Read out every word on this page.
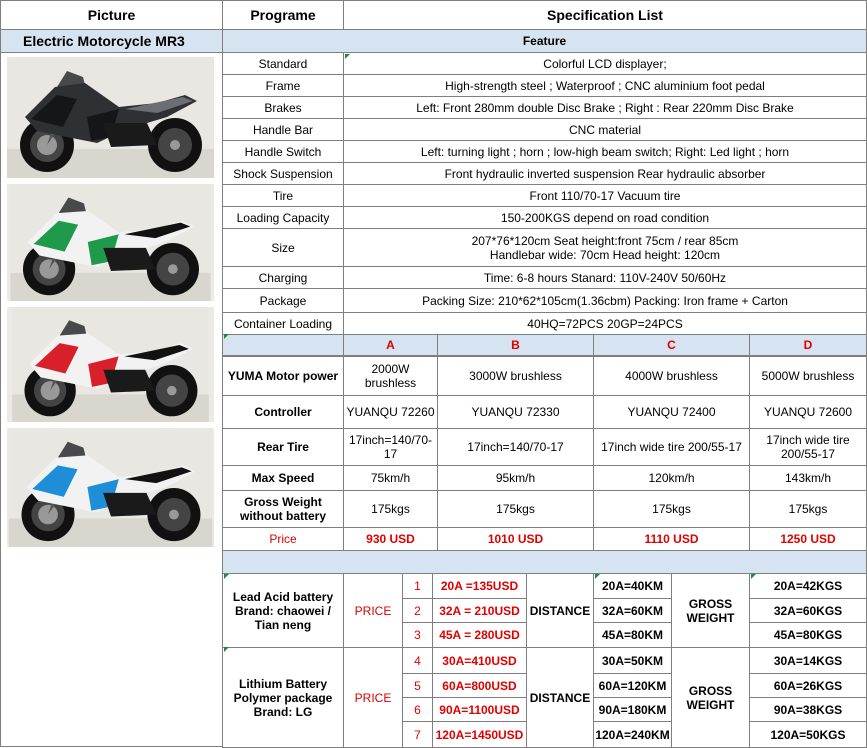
Picture	Programe	Specification List
Electric Motorcycle MR3	Feature
Standard	Colorful LCD displayer;
Frame	High-strength steel ; Waterproof ; CNC aluminium foot pedal
Brakes	Left: Front 280mm double Disc Brake ; Right : Rear 220mm Disc Brake
Handle Bar	CNC material
Handle Switch	Left: turning light ; horn ; low-high beam switch; Right: Led light ; horn
Shock Suspension	Front hydraulic inverted suspension Rear hydraulic absorber
Tire	Front 110/70-17 Vacuum tire
Loading Capacity	150-200KGS depend on road condition
Size	207*76*120cm Seat height:front 75cm / rear 85cm
Handlebar wide: 70cm Head height: 120cm
Charging	Time: 6-8 hours Stanard: 110V-240V 50/60Hz
Package	Packing Size: 210*62*105cm(1.36cbm) Packing: Iron frame + Carton
Container Loading	40HQ=72PCS 20GP=24PCS
A	B	C	D
YUMA Motor power	2000W brushless	3000W brushless	4000W brushless	5000W brushless
Controller	YUANQU 72260	YUANQU 72330	YUANQU 72400	YUANQU 72600
Rear Tire	17inch=140/70-17	17inch=140/70-17	17inch wide tire 200/55-17	17inch wide tire 200/55-17
Max Speed	75km/h	95km/h	120km/h	143km/h
Gross Weight without battery	175kgs	175kgs	175kgs	175kgs
Price	930 USD	1010 USD	1110 USD	1250 USD
Lead Acid battery Brand: chaowei / Tian neng
PRICE	DISTANCE	GROSS WEIGHT
1	20A =135USD	20A=40KM	20A=42KGS
2	32A = 210USD	32A=60KM	32A=60KGS
3	45A = 280USD	45A=80KM	45A=80KGS
Lithium Battery Polymer package Brand: LG
PRICE	DISTANCE	GROSS WEIGHT
4	30A=410USD	30A=50KM	30A=14KGS
5	60A=800USD	60A=120KM	60A=26KGS
6	90A=1100USD	90A=180KM	90A=38KGS
7	120A=1450USD	120A=240KM	120A=50KGS
